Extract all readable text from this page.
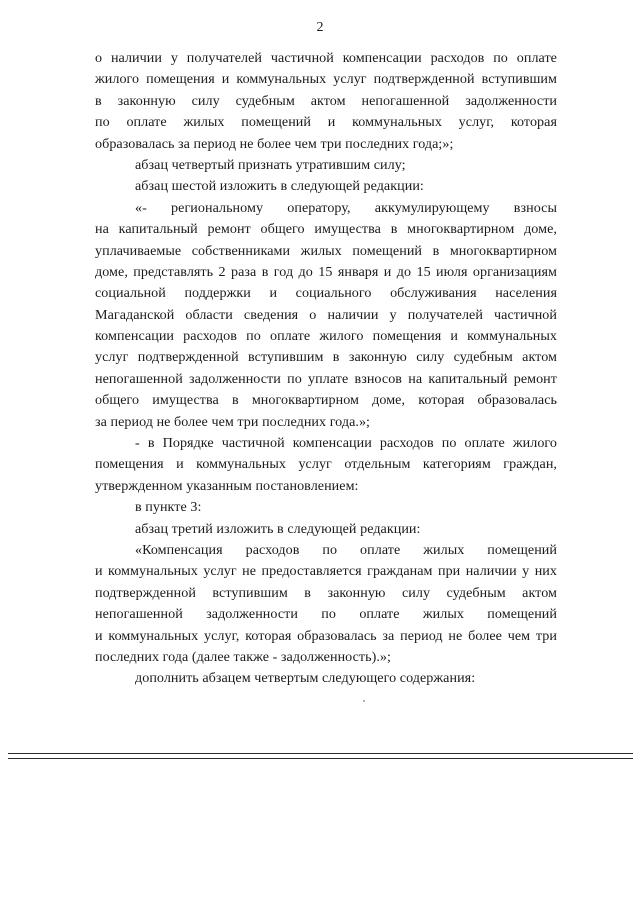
2
о наличии у получателей частичной компенсации расходов по оплате
жилого помещения и коммунальных услуг подтвержденной вступившим
в законную силу судебным актом непогашенной задолженности
по оплате жилых помещений и коммунальных услуг, которая
образовалась за период не более чем три последних года;»;
абзац четвертый признать утратившим силу;
абзац шестой изложить в следующей редакции:
«- региональному оператору, аккумулирующему взносы
на капитальный ремонт общего имущества в многоквартирном доме,
уплачиваемые собственниками жилых помещений в многоквартирном
доме, представлять 2 раза в год до 15 января и до 15 июля организациям
социальной поддержки и социального обслуживания населения
Магаданской области сведения о наличии у получателей частичной
компенсации расходов по оплате жилого помещения и коммунальных
услуг подтвержденной вступившим в законную силу судебным актом
непогашенной задолженности по уплате взносов на капитальный ремонт
общего имущества в многоквартирном доме, которая образовалась
за период не более чем три последних года.»;
- в Порядке частичной компенсации расходов по оплате жилого
помещения и коммунальных услуг отдельным категориям граждан,
утвержденном указанным постановлением:
в пункте 3:
абзац третий изложить в следующей редакции:
«Компенсация расходов по оплате жилых помещений
и коммунальных услуг не предоставляется гражданам при наличии у них
подтвержденной вступившим в законную силу судебным актом
непогашенной задолженности по оплате жилых помещений
и коммунальных услуг, которая образовалась за период не более чем три
последних года (далее также - задолженность).»;
дополнить абзацем четвертым следующего содержания:
